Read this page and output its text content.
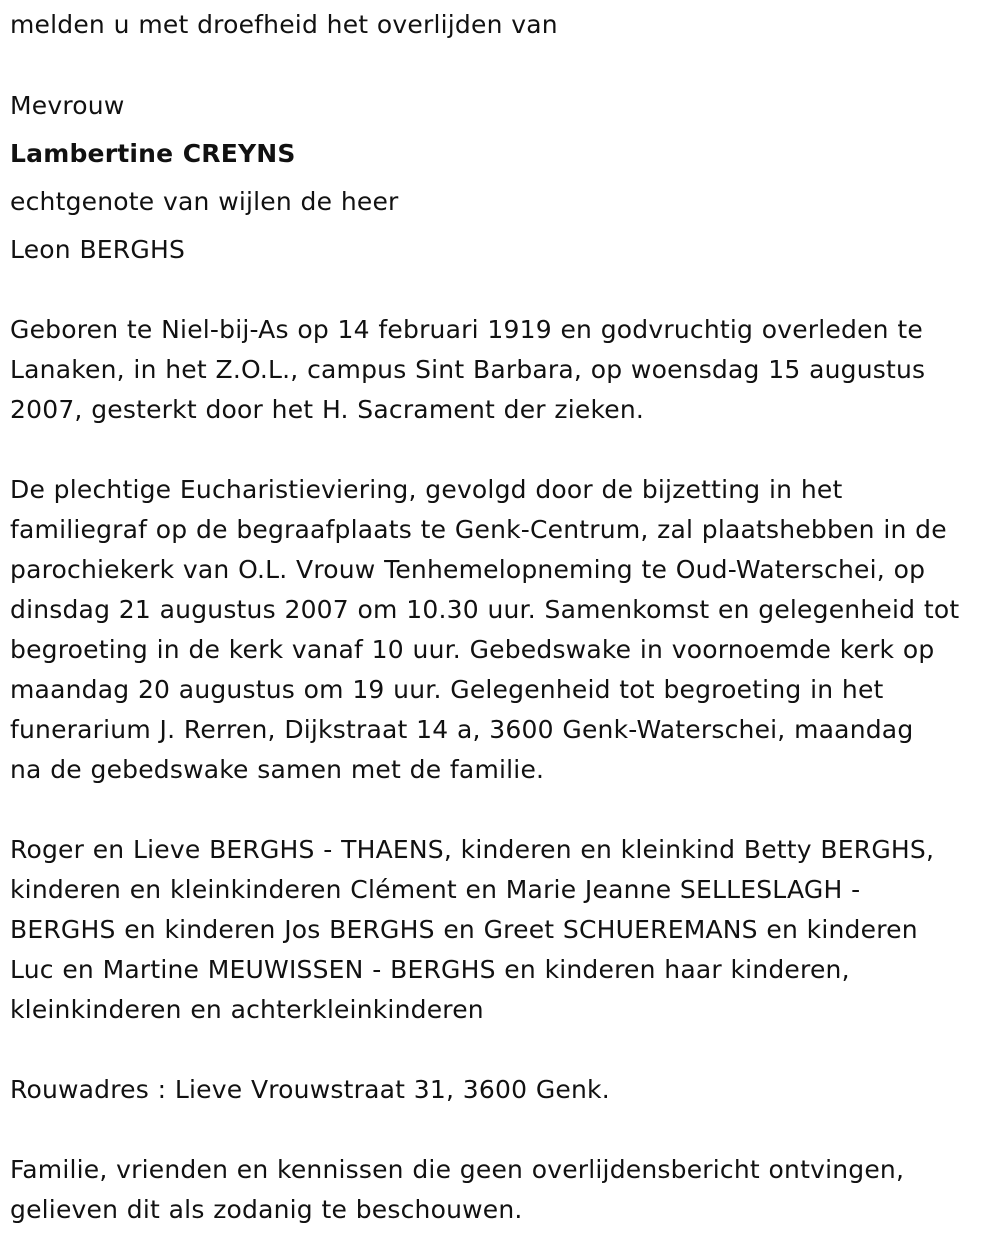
melden u met droefheid het overlijden van

Mevrouw

Lambertine CREYNS

echtgenote van wijlen de heer

Leon BERGHS

Geboren te Niel-bij-As op 14 februari 1919 en godvruchtig overleden te
Lanaken, in het Z.O.L., campus Sint Barbara, op woensdag 15 augustus
2007, gesterkt door het H. Sacrament der zieken.
De plechtige Eucharistieviering, gevolgd door de bijzetting in het
familiegraf op de begraafplaats te Genk-Centrum, zal plaatshebben in de
parochiekerk van O.L. Vrouw Tenhemelopneming te Oud-Waterschei, op
dinsdag 21 augustus 2007 om 10.30 uur. Samenkomst en gelegenheid tot
begroeting in de kerk vanaf 10 uur. Gebedswake in voornoemde kerk op
maandag 20 augustus om 19 uur. Gelegenheid tot begroeting in het
funerarium J. Rerren, Dijkstraat 14 a, 3600 Genk-Waterschei, maandag
na de gebedswake samen met de familie.
Roger en Lieve BERGHS - THAENS, kinderen en kleinkind Betty BERGHS,
kinderen en kleinkinderen Clément en Marie Jeanne SELLESLAGH -
BERGHS en kinderen Jos BERGHS en Greet SCHUEREMANS en kinderen
Luc en Martine MEUWISSEN - BERGHS en kinderen haar kinderen,
kleinkinderen en achterkleinkinderen
Rouwadres : Lieve Vrouwstraat 31, 3600 Genk.
Familie, vrienden en kennissen die geen overlijdensbericht ontvingen,
gelieven dit als zodanig te beschouwen.
